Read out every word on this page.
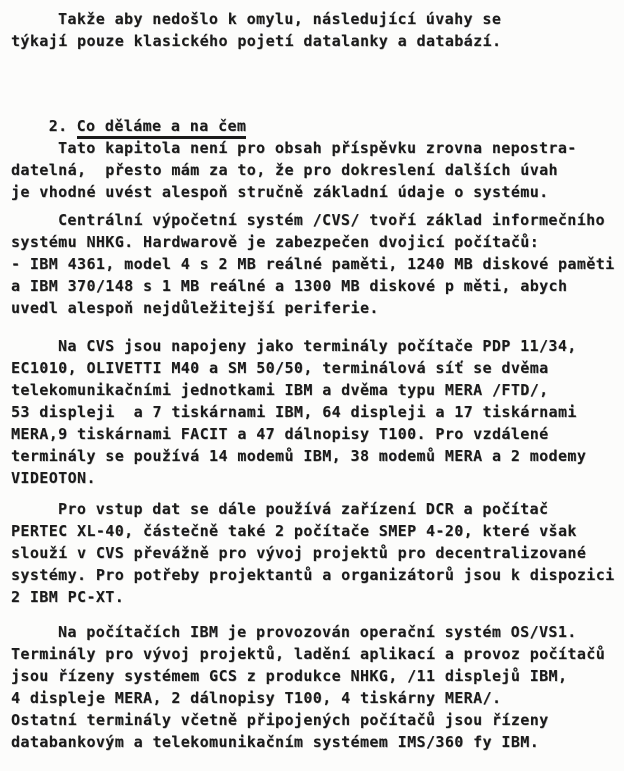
Takže aby nedošlo k omylu, následující úvahy se
týkají pouze klasického pojetí datalanky a databází.

2. Co děláme a na čem

Tato kapitola není pro obsah příspěvku zrovna nepostra-
datelná,  přesto mám za to, že pro dokreslení dalších úvah
je vhodné uvést alespoň stručně základní údaje o systému.
Centrální výpočetní systém /CVS/ tvoří základ informečního
systému NHKG. Hardwarově je zabezpečen dvojicí počítačů:
- IBM 4361, model 4 s 2 MB reálné paměti, 1240 MB diskové paměti
a IBM 370/148 s 1 MB reálné a 1300 MB diskové p měti, abych
uvedl alespoň nejdůležitejší periferie.
Na CVS jsou napojeny jako terminály počítače PDP 11/34,
EC1010, OLIVETTI M40 a SM 50/50, terminálová síť se dvěma
telekomunikačními jednotkami IBM a dvěma typu MERA /FTD/,
53 displeji  a 7 tiskárnami IBM, 64 displeji a 17 tiskárnami
MERA,9 tiskárnami FACIT a 47 dálnopisy T100. Pro vzdálené
terminály se používá 14 modemů IBM, 38 modemů MERA a 2 modemy
VIDEOTON.
Pro vstup dat se dále používá zařízení DCR a počítač
PERTEC XL-40, částečně také 2 počítače SMEP 4-20, které však
slouží v CVS převážně pro vývoj projektů pro decentralizované
systémy. Pro potřeby projektantů a organizátorů jsou k dispozici
2 IBM PC-XT.
Na počítačích IBM je provozován operační systém OS/VS1.
Terminály pro vývoj projektů, ladění aplikací a provoz počítačů
jsou řízeny systémem GCS z produkce NHKG, /11 displejů IBM,
4 displeje MERA, 2 dálnopisy T100, 4 tiskárny MERA/.
Ostatní terminály včetně připojených počítačů jsou řízeny
databankovým a telekomunikačním systémem IMS/360 fy IBM.
